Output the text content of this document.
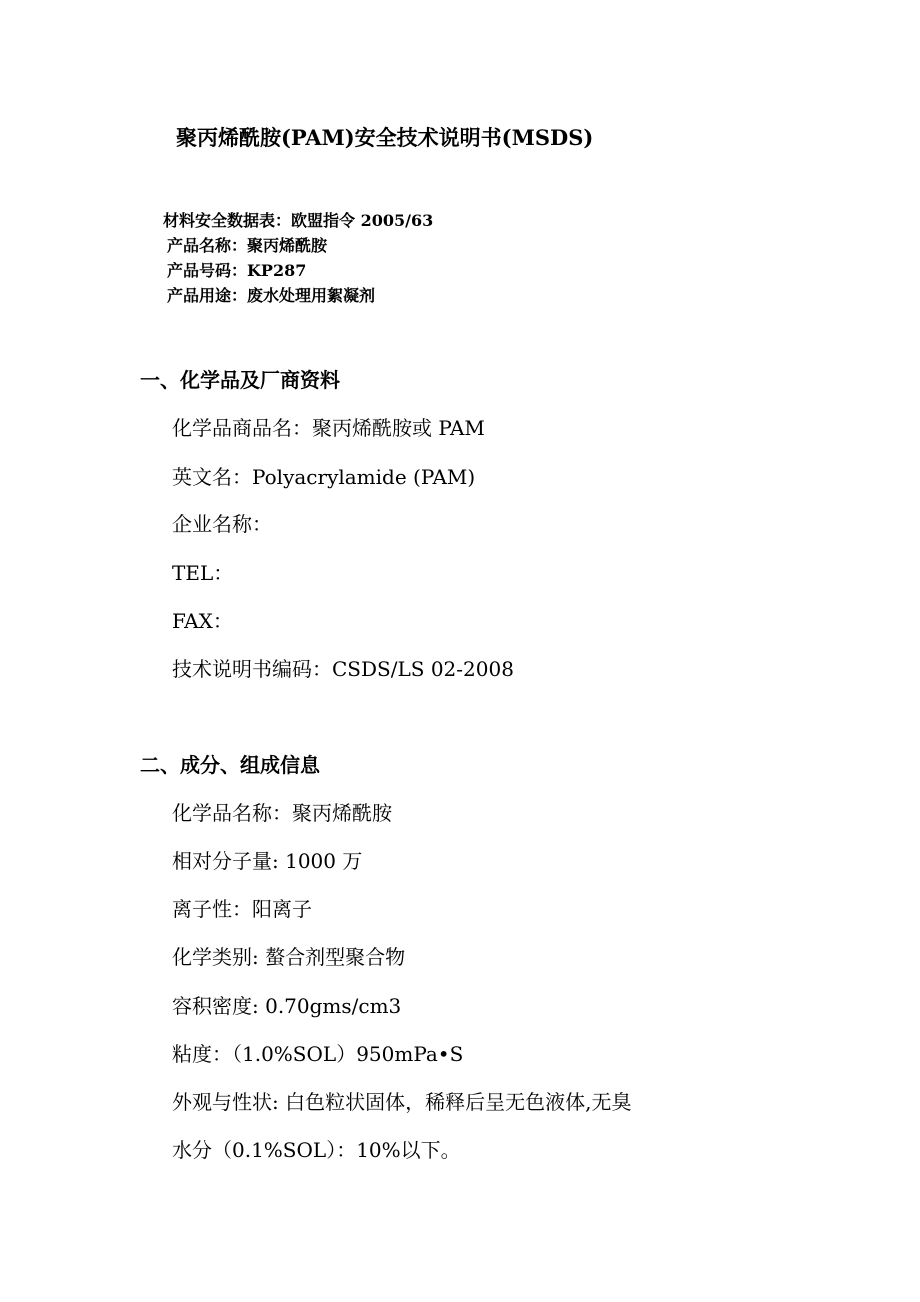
聚丙烯酰胺(PAM)安全技术说明书(MSDS)
材料安全数据表：欧盟指令 2005/63
产品名称：聚丙烯酰胺
产品号码：KP287
产品用途：废水处理用絮凝剂
一、化学品及厂商资料
化学品商品名：聚丙烯酰胺或 PAM
英文名：Polyacrylamide (PAM)
企业名称：
TEL：
FAX：
技术说明书编码：CSDS/LS 02-2008
二、成分、组成信息
化学品名称：聚丙烯酰胺
相对分子量: 1000 万
离子性：阳离子
化学类别: 螯合剂型聚合物
容积密度: 0.70gms/cm3
粘度：（1.0%SOL）950mPa•S
外观与性状: 白色粒状固体，稀释后呈无色液体,无臭
水分（0.1%SOL）：10%以下。
